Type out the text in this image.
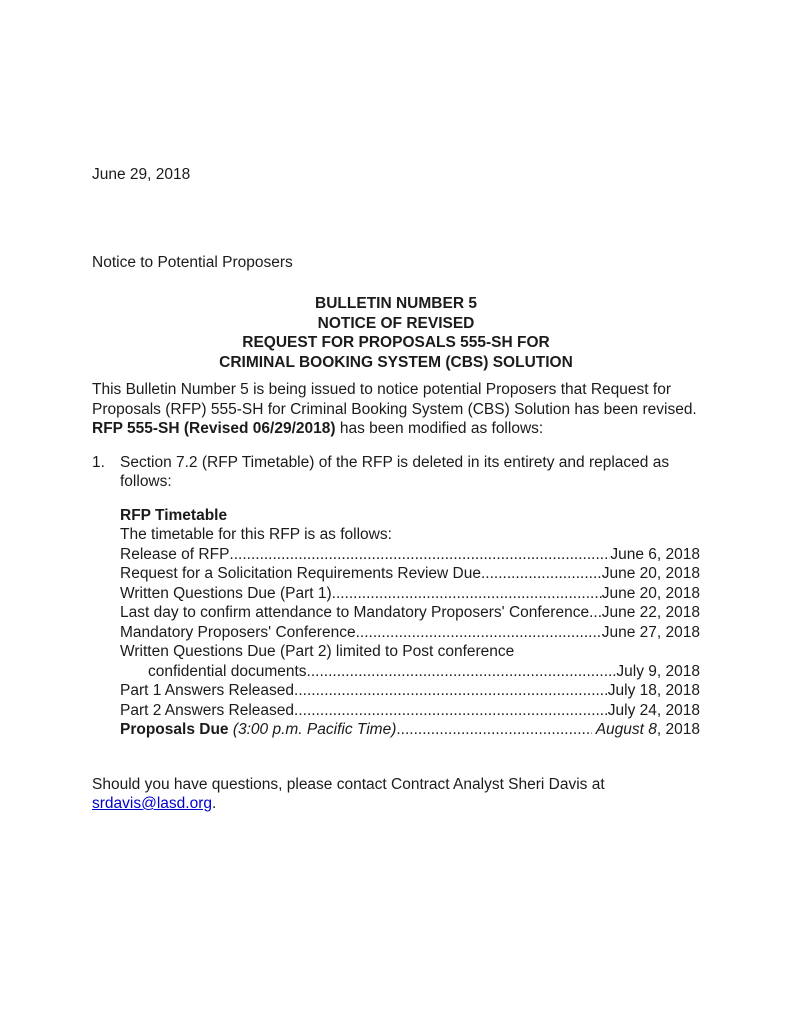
June 29, 2018

Notice to Potential Proposers

BULLETIN NUMBER 5
NOTICE OF REVISED
REQUEST FOR PROPOSALS 555-SH FOR
CRIMINAL BOOKING SYSTEM (CBS) SOLUTION

This Bulletin Number 5 is being issued to notice potential Proposers that Request for Proposals (RFP) 555-SH for Criminal Booking System (CBS) Solution has been revised.  RFP 555-SH (Revised 06/29/2018) has been modified as follows:

1. Section 7.2 (RFP Timetable) of the RFP is deleted in its entirety and replaced as follows:
RFP Timetable
The timetable for this RFP is as follows:
Release of RFP .....	June 6, 2018
Request for a Solicitation Requirements Review Due .....	June 20, 2018
Written Questions Due (Part 1) .....	June 20, 2018
Last day to confirm attendance to Mandatory Proposers' Conference ..... June 22, 2018
Mandatory Proposers' Conference .....	June 27, 2018
Written Questions Due (Part 2) limited to Post conference
confidential documents .....	July 9, 2018
Part 1 Answers Released .....	July 18, 2018
Part 2 Answers Released .....	July 24, 2018
Proposals Due (3:00 p.m. Pacific Time) .....	August 8, 2018

Should you have questions, please contact Contract Analyst Sheri Davis at srdavis@lasd.org.
